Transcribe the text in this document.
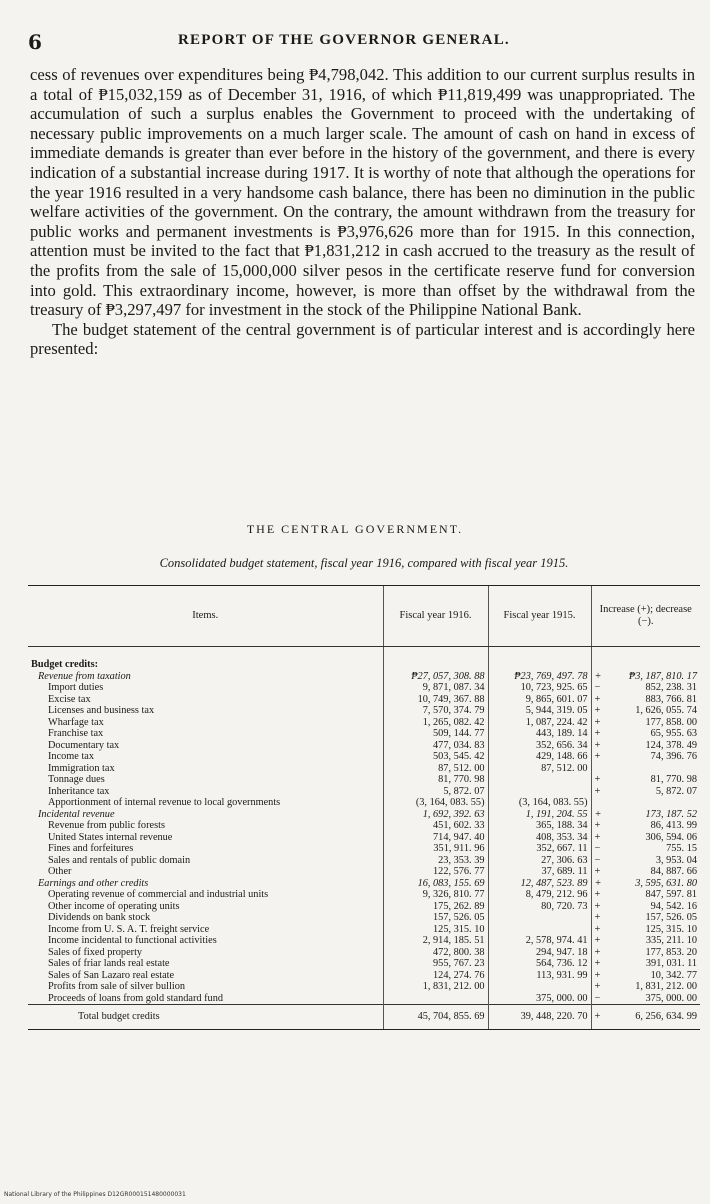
6	REPORT OF THE GOVERNOR GENERAL.

cess of revenues over expenditures being ₱4,798,042. This addition to our current surplus results in a total of ₱15,032,159 as of December 31, 1916, of which ₱11,819,499 was unappropriated. The accumulation of such a surplus enables the Government to proceed with the undertaking of necessary public improvements on a much larger scale. The amount of cash on hand in excess of immediate demands is greater than ever before in the history of the government, and there is every indication of a substantial increase during 1917. It is worthy of note that although the operations for the year 1916 resulted in a very handsome cash balance, there has been no diminution in the public welfare activities of the government. On the contrary, the amount withdrawn from the treasury for public works and permanent investments is ₱3,976,626 more than for 1915. In this connection, attention must be invited to the fact that ₱1,831,212 in cash accrued to the treasury as the result of the profits from the sale of 15,000,000 silver pesos in the certificate reserve fund for conversion into gold. This extraordinary income, however, is more than offset by the withdrawal from the treasury of ₱3,297,497 for investment in the stock of the Philippine National Bank.

The budget statement of the central government is of particular interest and is accordingly here presented:

THE CENTRAL GOVERNMENT.
Consolidated budget statement, fiscal year 1916, compared with fiscal year 1915.
Items.	Fiscal year 1916.	Fiscal year 1915.	Increase (+); decrease (−).

Budget credits:			

Revenue from taxation	₱27, 057, 308. 88	₱23, 769, 497. 78	+ ₱3, 187, 810. 17
Import duties	9, 871, 087. 34	10, 723, 925. 65	− 852, 238. 31
Excise tax	10, 749, 367. 88	9, 865, 601. 07	+ 883, 766. 81
Licenses and business tax	7, 570, 374. 79	5, 944, 319. 05	+ 1, 626, 055. 74
Wharfage tax	1, 265, 082. 42	1, 087, 224. 42	+ 177, 858. 00
Franchise tax	509, 144. 77	443, 189. 14	+ 65, 955. 63
Documentary tax	477, 034. 83	352, 656. 34	+ 124, 378. 49
Income tax	503, 545. 42	429, 148. 66	+ 74, 396. 76
Immigration tax	87, 512. 00	87, 512. 00	

Tonnage dues	81, 770. 98		+ 81, 770. 98
Inheritance tax	5, 872. 07		+ 5, 872. 07
Apportionment of internal revenue to local governments	(3, 164, 083. 55)	(3, 164, 083. 55)	

Incidental revenue	1, 692, 392. 63	1, 191, 204. 55	+ 173, 187. 52
Revenue from public forests	451, 602. 33	365, 188. 34	+ 86, 413. 99
United States internal revenue	714, 947. 40	408, 353. 34	+ 306, 594. 06
Fines and forfeitures	351, 911. 96	352, 667. 11	− 755. 15
Sales and rentals of public domain	23, 353. 39	27, 306. 63	− 3, 953. 04
Other	122, 576. 77	37, 689. 11	+ 84, 887. 66
Earnings and other credits	16, 083, 155. 69	12, 487, 523. 89	+ 3, 595, 631. 80
Operating revenue of commercial and industrial units	9, 326, 810. 77	8, 479, 212. 96	+ 847, 597. 81
Other income of operating units	175, 262. 89	80, 720. 73	+ 94, 542. 16
Dividends on bank stock	157, 526. 05		+ 157, 526. 05
Income from U. S. A. T. freight service	125, 315. 10		+ 125, 315. 10
Income incidental to functional activities	2, 914, 185. 51	2, 578, 974. 41	+ 335, 211. 10
Sales of fixed property	472, 800. 38	294, 947. 18	+ 177, 853. 20
Sales of friar lands real estate	955, 767. 23	564, 736. 12	+ 391, 031. 11
Sales of San Lazaro real estate	124, 274. 76	113, 931. 99	+ 10, 342. 77
Profits from sale of silver bullion	1, 831, 212. 00		+ 1, 831, 212. 00
Proceeds of loans from gold standard fund		375, 000. 00	− 375, 000. 00
Total budget credits	45, 704, 855. 69	39, 448, 220. 70	+ 6, 256, 634. 99
National Library of the Philippines D12GR000151480000031
